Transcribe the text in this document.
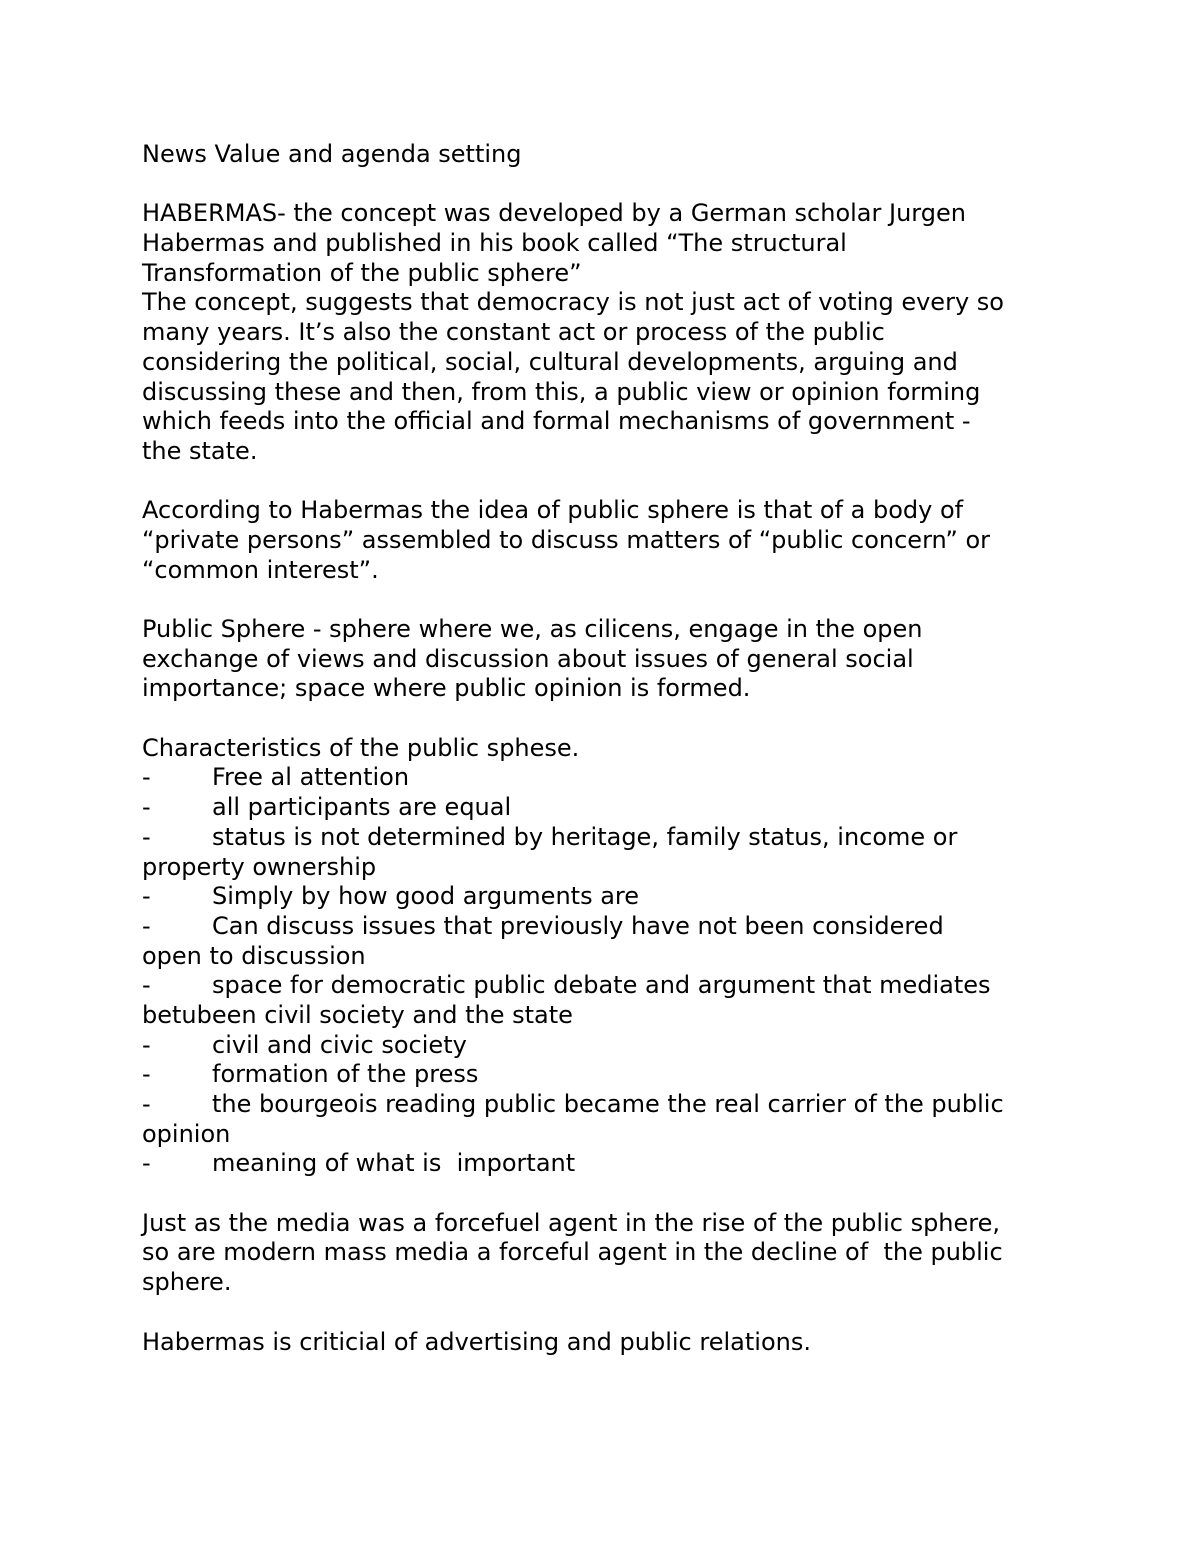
News Value and agenda setting
HABERMAS- the concept was developed by a German scholar Jurgen
Habermas and published in his book called “The structural
Transformation of the public sphere”
The concept, suggests that democracy is not just act of voting every so
many years. It’s also the constant act or process of the public
considering the political, social, cultural developments, arguing and
discussing these and then, from this, a public view or opinion forming
which feeds into the official and formal mechanisms of government -
the state.
According to Habermas the idea of public sphere is that of a body of
“private persons” assembled to discuss matters of “public concern” or
“common interest”.
Public Sphere - sphere where we, as cilicens, engage in the open
exchange of views and discussion about issues of general social
importance; space where public opinion is formed.
Characteristics of the public sphese.
-	Free al attention
-	all participants are equal
-	status is not determined by heritage, family status, income or
property ownership
-	Simply by how good arguments are
-	Can discuss issues that previously have not been considered
open to discussion
-	space for democratic public debate and argument that mediates
betubeen civil society and the state
-	civil and civic society
-	formation of the press
-	the bourgeois reading public became the real carrier of the public
opinion
-	meaning of what is  important
Just as the media was a forcefuel agent in the rise of the public sphere,
so are modern mass media a forceful agent in the decline of  the public
sphere.
Habermas is criticial of advertising and public relations.
